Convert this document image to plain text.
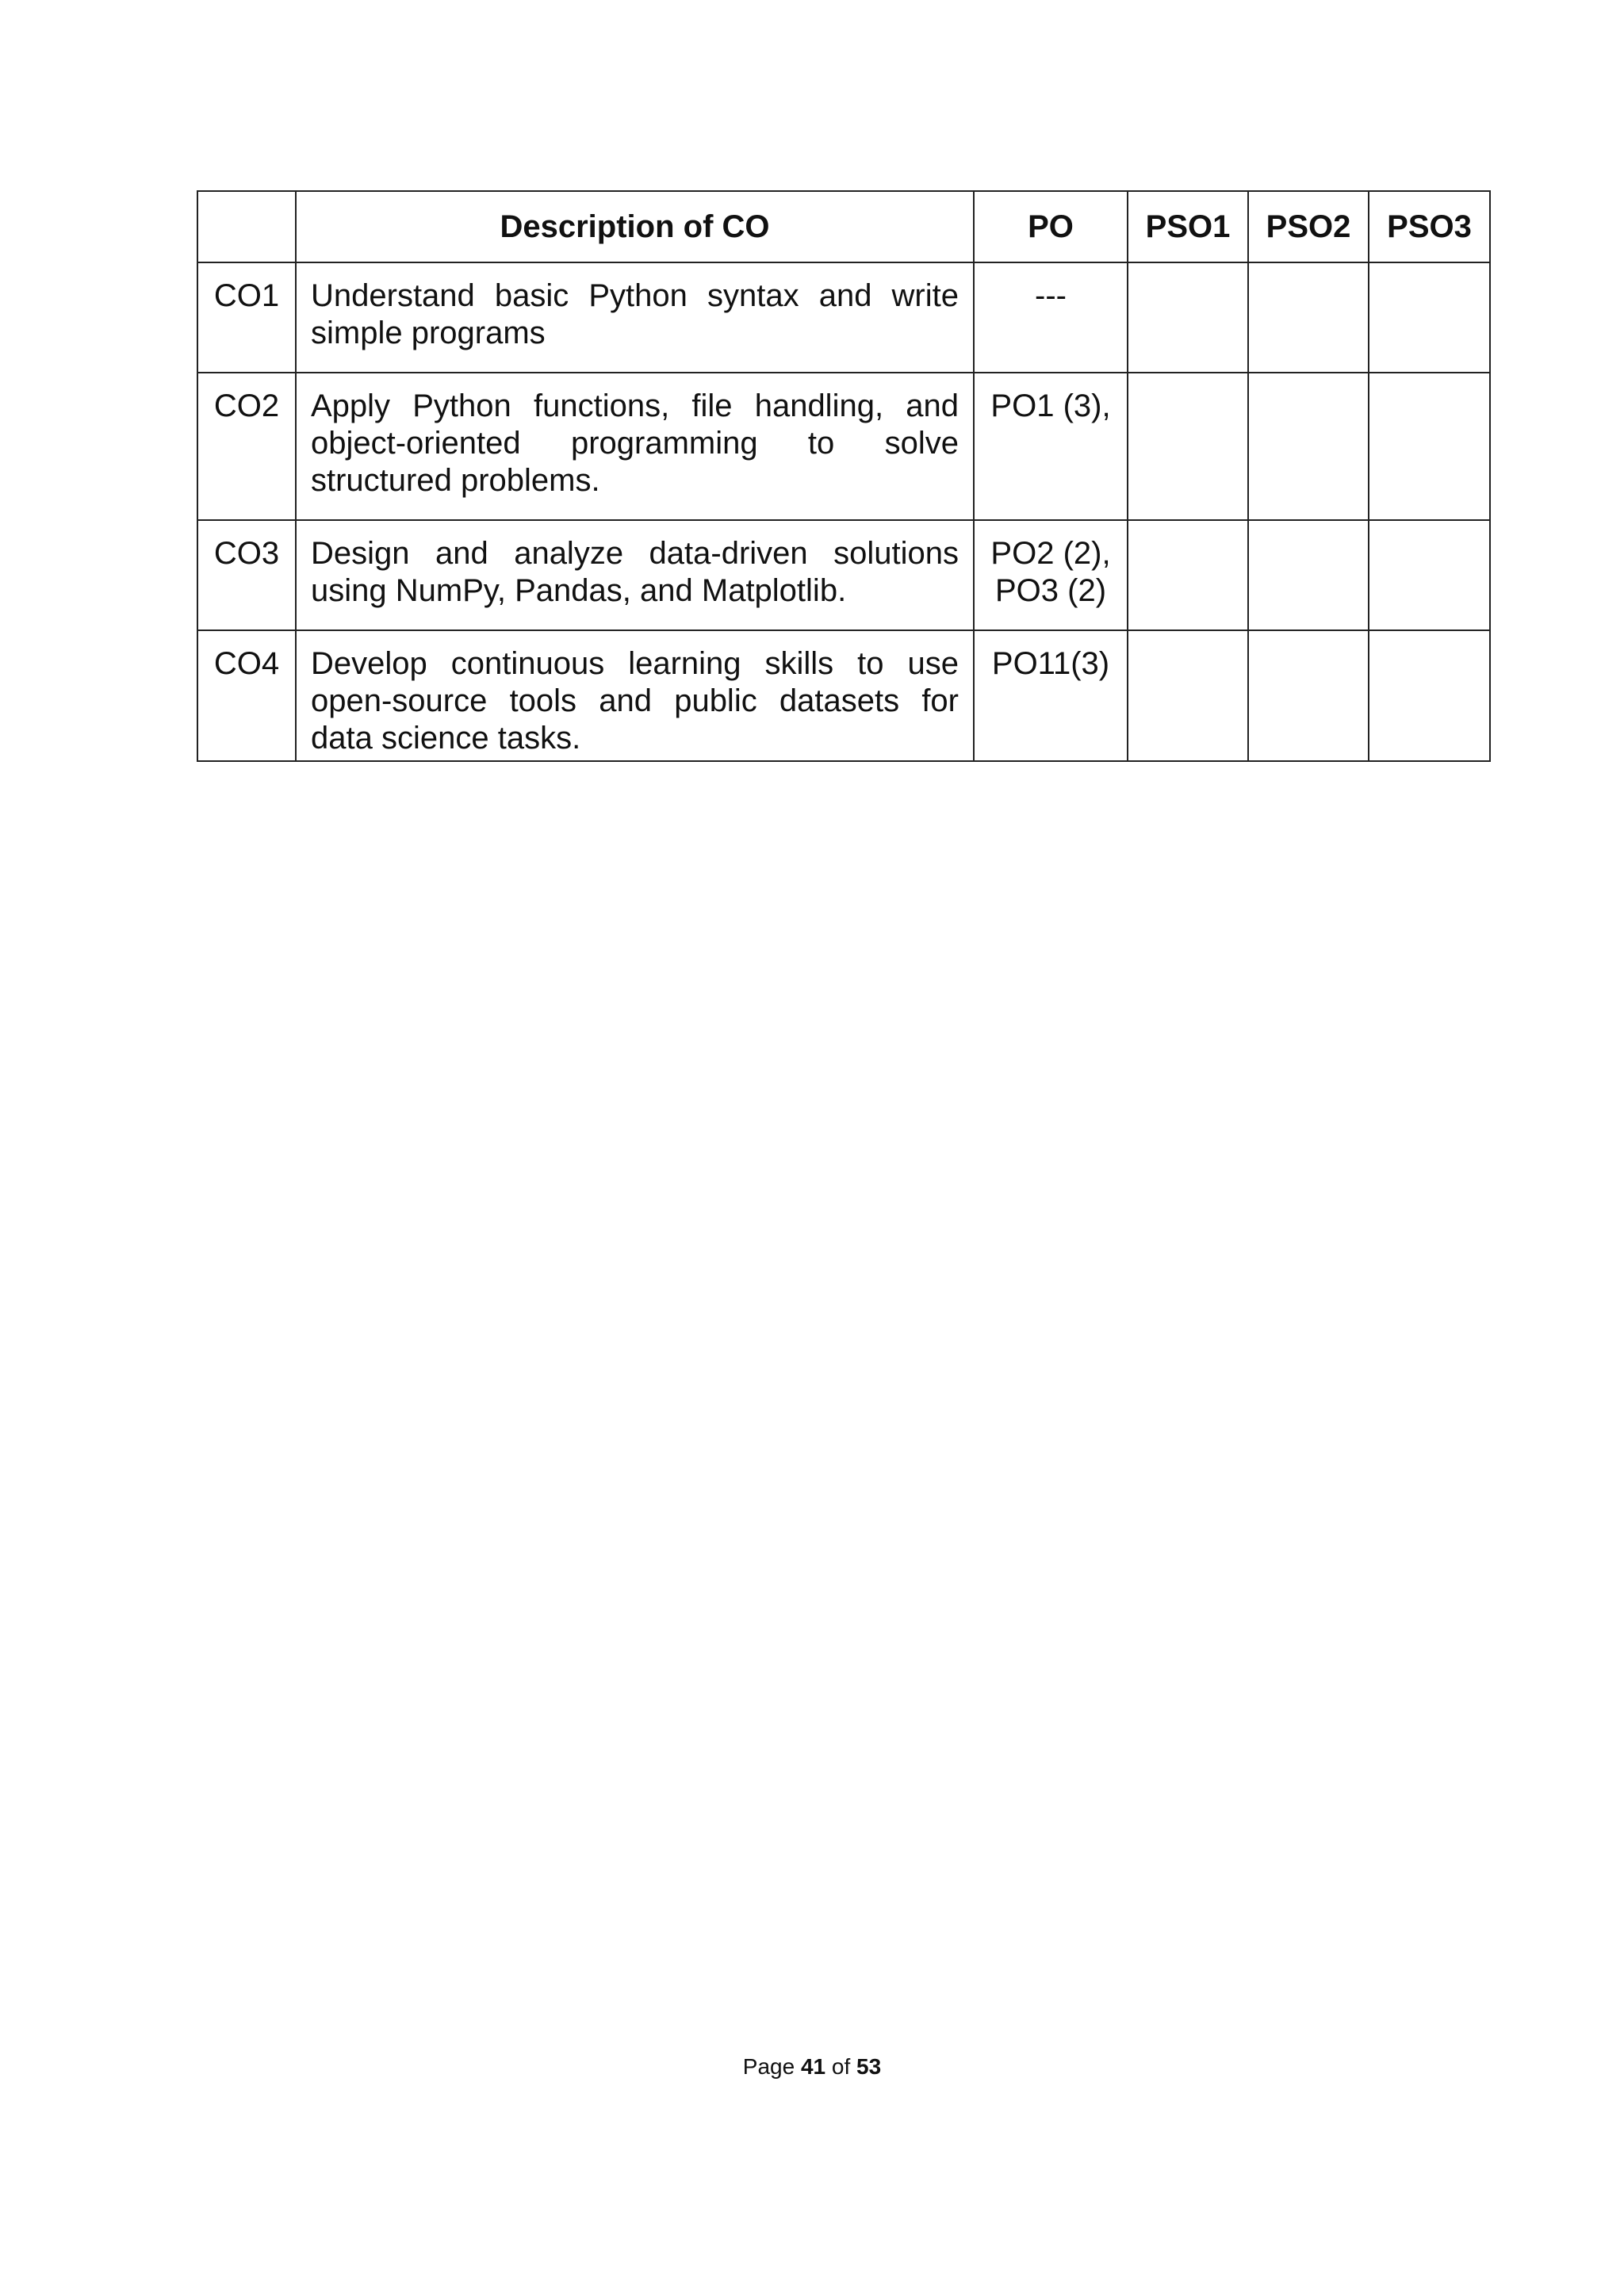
	Description of CO	PO	PSO1	PSO2	PSO3
CO1	Understand basic Python syntax and write simple programs	---			

CO2	Apply Python functions, file handling, and object-oriented programming to solve structured problems.	PO1 (3),			

CO3	Design and analyze data-driven solutions using NumPy, Pandas, and Matplotlib.	PO2 (2),
PO3 (2)			

CO4	Develop continuous learning skills to use open-source tools and public datasets for data science tasks.	PO11(3)			

Page 41 of 53
